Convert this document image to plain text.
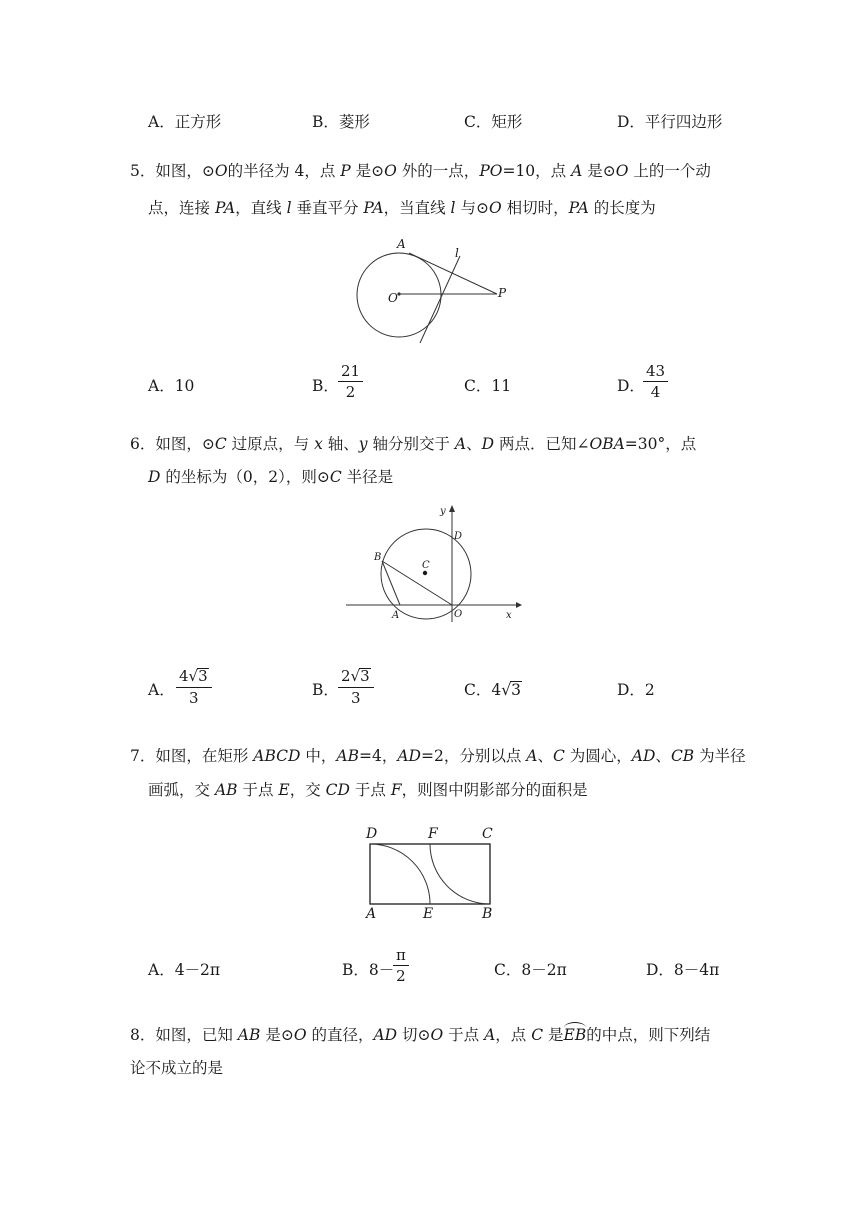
A．正方形	B．菱形	C．矩形	D．平行四边形
5．如图，⊙O的半径为 4，点 P 是⊙O 外的一点，PO=10，点 A 是⊙O 上的一个动
点，连接 PA，直线 l 垂直平分 PA，当直线 l 与⊙O 相切时，PA 的长度为
A
l
O	P
A．10	B． $\frac{21}{2}$	C．11	D．
$\frac{43}{4}$
6．如图，⊙C 过原点，与 x 轴、y 轴分别交于 A、D 两点．已知∠OBA=30°，点
D 的坐标为（0，2），则⊙C 半径是
y
D
B
C
A	O	x
A． $\frac{4√3}{3}$	B． $\frac{2√3}{3}$	C．4√3	D．2
7．如图，在矩形 ABCD 中，AB=4，AD=2，分别以点 A、C 为圆心，AD、CB 为半径
画弧，交 AB 于点 E，交 CD 于点 F，则图中阴影部分的面积是
D	F	C
A	E	B
A．4－2π	B．8－
$\frac{\pi}{2}$	C．8－2π	D．8－4π
8．如图，已知 AB 是⊙O 的直径，AD 切⊙O 于点 A，点 C 是EB的中点，则下列结
论不成立的是
